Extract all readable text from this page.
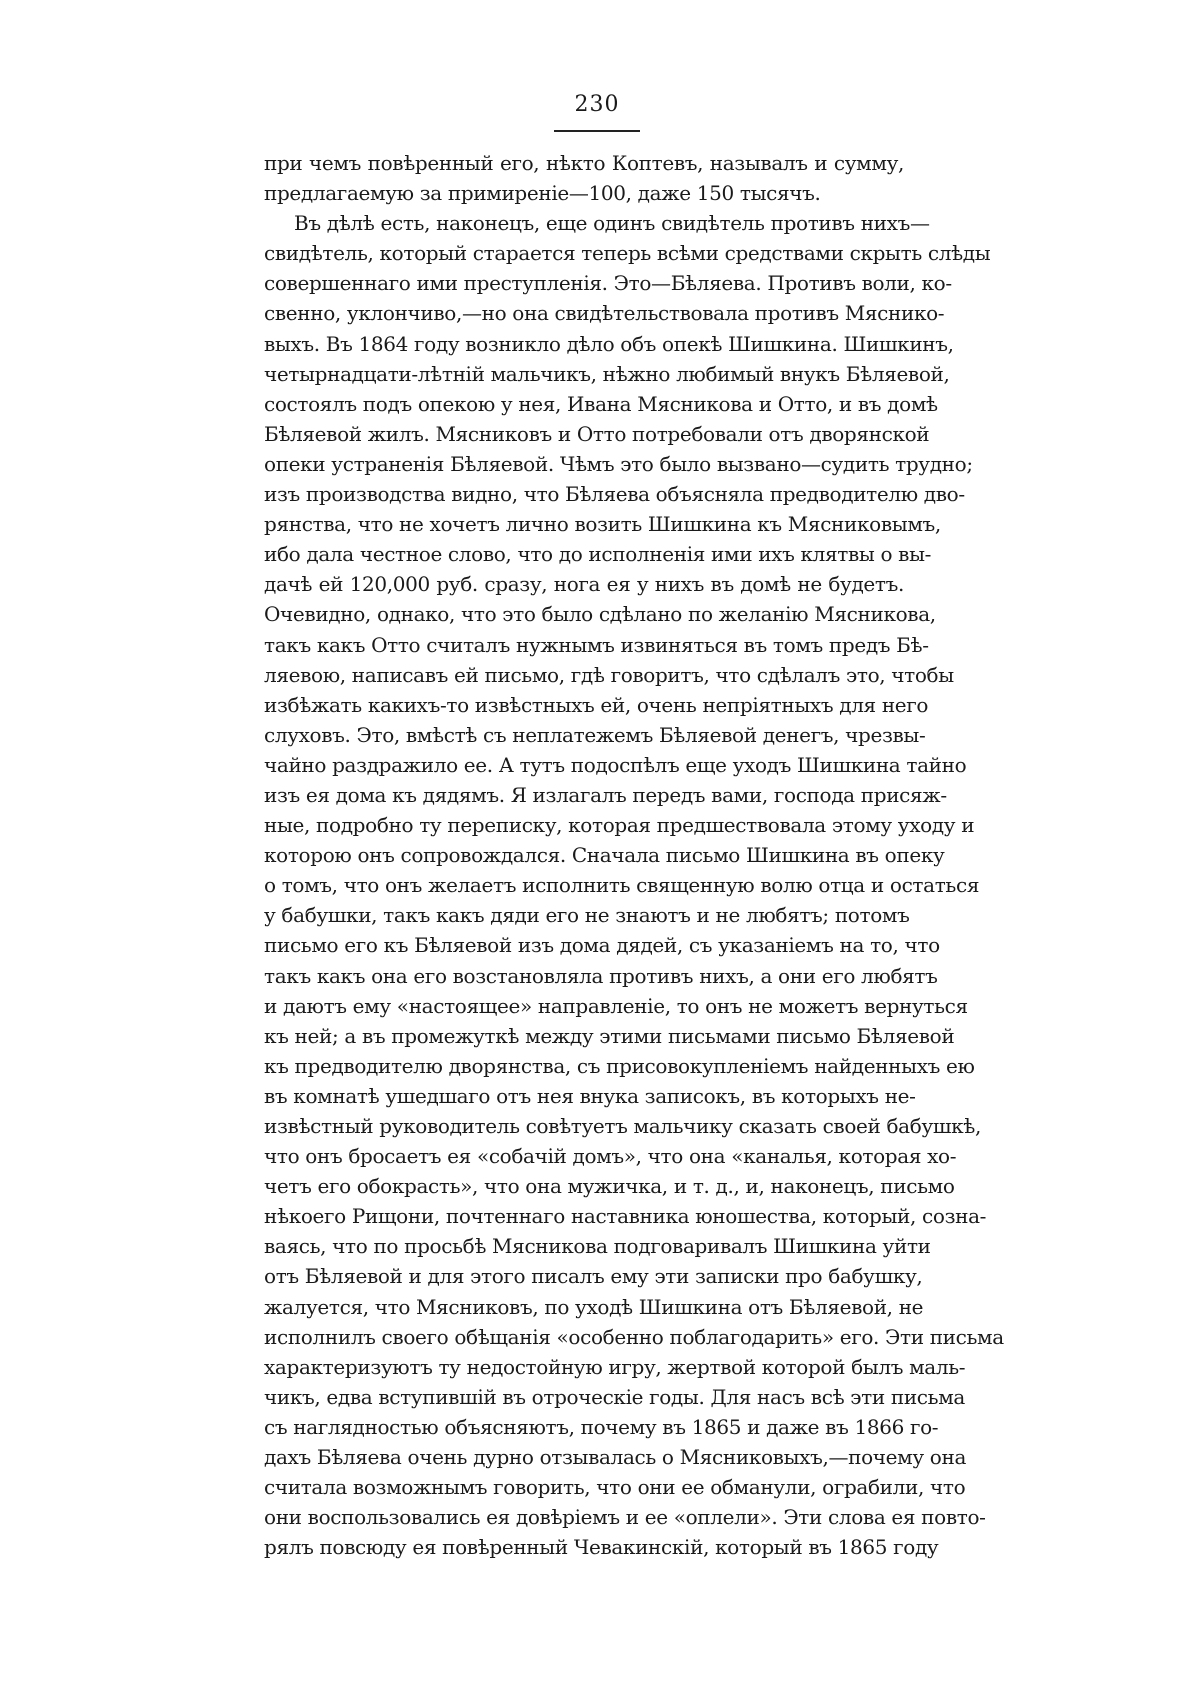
230
при чемъ повѣренный его, нѣкто Коптевъ, называлъ и сумму,
предлагаемую за примиреніе—100, даже 150 тысячъ.
Въ дѣлѣ есть, наконецъ, еще одинъ свидѣтель противъ нихъ—
свидѣтель, который старается теперь всѣми средствами скрыть слѣды
совершеннаго ими преступленія. Это—Бѣляева. Противъ воли, ко-
свенно, уклончиво,—но она свидѣтельствовала противъ Мяснико-
выхъ. Въ 1864 году возникло дѣло объ опекѣ Шишкина. Шишкинъ,
четырнадцати-лѣтній мальчикъ, нѣжно любимый внукъ Бѣляевой,
состоялъ подъ опекою у нея, Ивана Мясникова и Отто, и въ домѣ
Бѣляевой жилъ. Мясниковъ и Отто потребовали отъ дворянской
опеки устраненія Бѣляевой. Чѣмъ это было вызвано—судить трудно;
изъ производства видно, что Бѣляева объясняла предводителю дво-
рянства, что не хочетъ лично возить Шишкина къ Мясниковымъ,
ибо дала честное слово, что до исполненія ими ихъ клятвы о вы-
дачѣ ей 120,000 руб. сразу, нога ея у нихъ въ домѣ не будетъ.
Очевидно, однако, что это было сдѣлано по желанію Мясникова,
такъ какъ Отто считалъ нужнымъ извиняться въ томъ предъ Бѣ-
ляевою, написавъ ей письмо, гдѣ говоритъ, что сдѣлалъ это, чтобы
избѣжать какихъ-то извѣстныхъ ей, очень непріятныхъ для него
слуховъ. Это, вмѣстѣ съ неплатежемъ Бѣляевой денегъ, чрезвы-
чайно раздражило ее. А тутъ подоспѣлъ еще уходъ Шишкина тайно
изъ ея дома къ дядямъ. Я излагалъ передъ вами, господа присяж-
ные, подробно ту переписку, которая предшествовала этому уходу и
которою онъ сопровождался. Сначала письмо Шишкина въ опеку
о томъ, что онъ желаетъ исполнить священную волю отца и остаться
у бабушки, такъ какъ дяди его не знаютъ и не любятъ; потомъ
письмо его къ Бѣляевой изъ дома дядей, съ указаніемъ на то, что
такъ какъ она его возстановляла противъ нихъ, а они его любятъ
и даютъ ему «настоящее» направленіе, то онъ не можетъ вернуться
къ ней; а въ промежуткѣ между этими письмами письмо Бѣляевой
къ предводителю дворянства, съ присовокупленіемъ найденныхъ ею
въ комнатѣ ушедшаго отъ нея внука записокъ, въ которыхъ не-
извѣстный руководитель совѣтуетъ мальчику сказать своей бабушкѣ,
что онъ бросаетъ ея «собачій домъ», что она «каналья, которая хо-
четъ его обокрасть», что она мужичка, и т. д., и, наконецъ, письмо
нѣкоего Рищони, почтеннаго наставника юношества, который, созна-
ваясь, что по просьбѣ Мясникова подговаривалъ Шишкина уйти
отъ Бѣляевой и для этого писалъ ему эти записки про бабушку,
жалуется, что Мясниковъ, по уходѣ Шишкина отъ Бѣляевой, не
исполнилъ своего обѣщанія «особенно поблагодарить» его. Эти письма
характеризуютъ ту недостойную игру, жертвой которой былъ маль-
чикъ, едва вступившій въ отроческіе годы. Для насъ всѣ эти письма
съ наглядностью объясняютъ, почему въ 1865 и даже въ 1866 го-
дахъ Бѣляева очень дурно отзывалась о Мясниковыхъ,—почему она
считала возможнымъ говорить, что они ее обманули, ограбили, что
они воспользовались ея довѣріемъ и ее «оплели». Эти слова ея повто-
рялъ повсюду ея повѣренный Чевакинскій, который въ 1865 году
